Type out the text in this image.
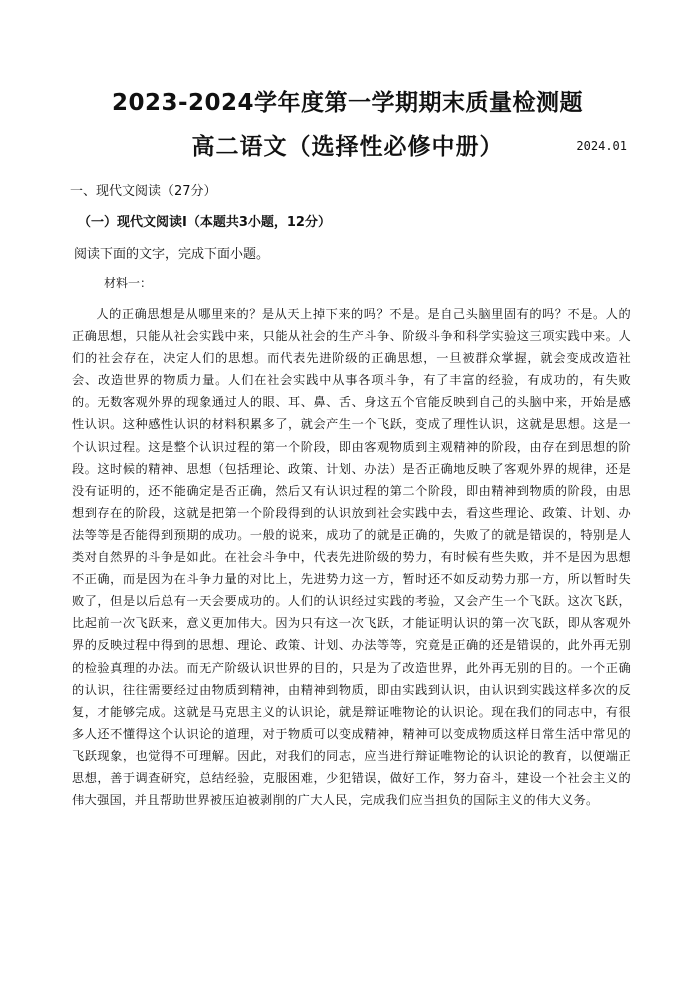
2023-2024学年度第一学期期末质量检测题
高二语文（选择性必修中册）	2024.01
一、现代文阅读（27分）
（一）现代文阅读Ⅰ（本题共3小题，12分）
阅读下面的文字，完成下面小题。
材料一：

人的正确思想是从哪里来的？是从天上掉下来的吗？不是。是自己头脑里固有的吗？不是。人的正确思想，只能从社会实践中来，只能从社会的生产斗争、阶级斗争和科学实验这三项实践中来。人们的社会存在，决定人们的思想。而代表先进阶级的正确思想，一旦被群众掌握，就会变成改造社会、改造世界的物质力量。人们在社会实践中从事各项斗争，有了丰富的经验，有成功的，有失败的。无数客观外界的现象通过人的眼、耳、鼻、舌、身这五个官能反映到自己的头脑中来，开始是感性认识。这种感性认识的材料积累多了，就会产生一个飞跃，变成了理性认识，这就是思想。这是一个认识过程。这是整个认识过程的第一个阶段，即由客观物质到主观精神的阶段，由存在到思想的阶段。这时候的精神、思想（包括理论、政策、计划、办法）是否正确地反映了客观外界的规律，还是没有证明的，还不能确定是否正确，然后又有认识过程的第二个阶段，即由精神到物质的阶段，由思想到存在的阶段，这就是把第一个阶段得到的认识放到社会实践中去，看这些理论、政策、计划、办法等等是否能得到预期的成功。一般的说来，成功了的就是正确的，失败了的就是错误的，特别是人类对自然界的斗争是如此。在社会斗争中，代表先进阶级的势力，有时候有些失败，并不是因为思想不正确，而是因为在斗争力量的对比上，先进势力这一方，暂时还不如反动势力那一方，所以暂时失败了，但是以后总有一天会要成功的。人们的认识经过实践的考验，又会产生一个飞跃。这次飞跃，比起前一次飞跃来，意义更加伟大。因为只有这一次飞跃，才能证明认识的第一次飞跃，即从客观外界的反映过程中得到的思想、理论、政策、计划、办法等等，究竟是正确的还是错误的，此外再无别的检验真理的办法。而无产阶级认识世界的目的，只是为了改造世界，此外再无别的目的。一个正确的认识，往往需要经过由物质到精神，由精神到物质，即由实践到认识，由认识到实践这样多次的反复，才能够完成。这就是马克思主义的认识论，就是辩证唯物论的认识论。现在我们的同志中，有很多人还不懂得这个认识论的道理，对于物质可以变成精神，精神可以变成物质这样日常生活中常见的飞跃现象，也觉得不可理解。因此，对我们的同志，应当进行辩证唯物论的认识论的教育，以便端正思想，善于调查研究，总结经验，克服困难，少犯错误，做好工作，努力奋斗，建设一个社会主义的伟大强国，并且帮助世界被压迫被剥削的广大人民，完成我们应当担负的国际主义的伟大义务。
